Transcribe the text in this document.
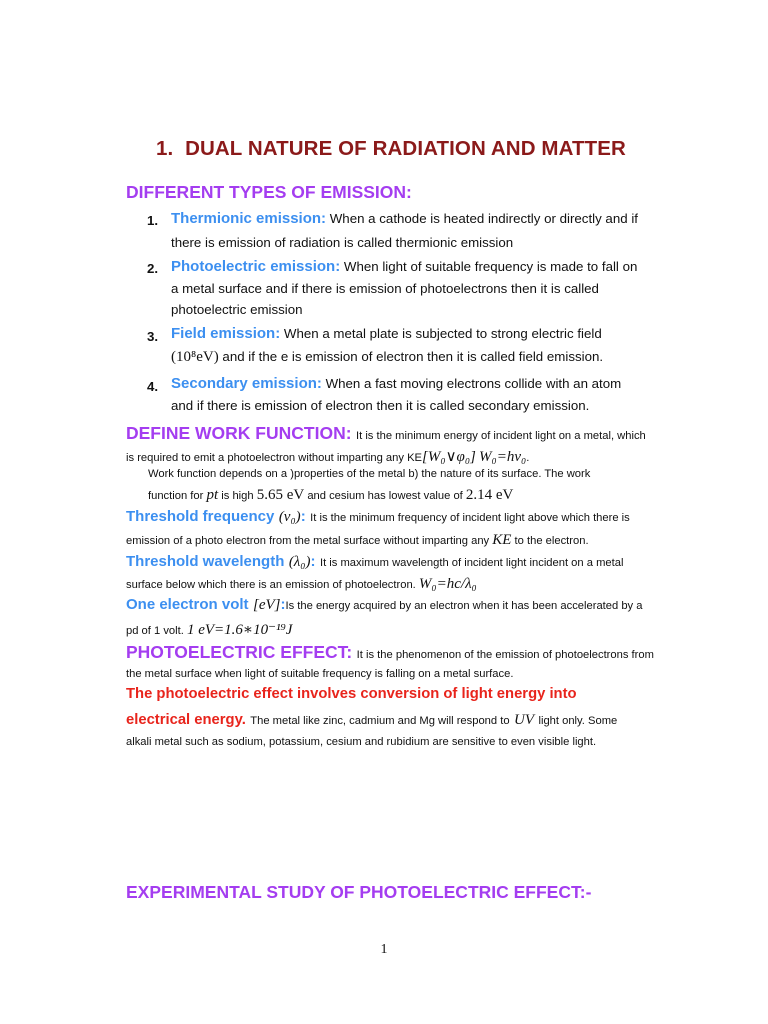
1. DUAL NATURE OF RADIATION AND MATTER
DIFFERENT TYPES OF EMISSION:
1. Thermionic emission: When a cathode is heated indirectly or directly and if
there is emission of radiation is called thermionic emission
2. Photoelectric emission: When light of suitable frequency is made to fall on
a metal surface and if there is emission of photoelectrons then it is called
photoelectric emission
3. Field emission: When a metal plate is subjected to strong electric field
(10⁸eV) and if the e is emission of electron then it is called field emission.
4. Secondary emission: When a fast moving electrons collide with an atom
and if there is emission of electron then it is called secondary emission.
DEFINE WORK FUNCTION: It is the minimum energy of incident light on a metal, which
is required to emit a photoelectron without imparting any KE[W₀∨φ₀] W₀=hν₀.
Work function depends on a )properties of the metal b) the nature of its surface. The work
function for pt is high 5.65 eV and cesium has lowest value of 2.14 eV
Threshold frequency (ν₀): It is the minimum frequency of incident light above which there is
emission of a photo electron from the metal surface without imparting any KE to the electron.
Threshold wavelength (λ₀): It is maximum wavelength of incident light incident on a metal
surface below which there is an emission of photoelectron. W₀=hc/λ₀
One electron volt [eV]:Is the energy acquired by an electron when it has been accelerated by a
pd of 1 volt. 1 eV=1.6∗10⁻¹⁹J
PHOTOELECTRIC EFFECT: It is the phenomenon of the emission of photoelectrons from
the metal surface when light of suitable frequency is falling on a metal surface.
The photoelectric effect involves conversion of light energy into
electrical energy. The metal like zinc, cadmium and Mg will respond to UV light only. Some
alkali metal such as sodium, potassium, cesium and rubidium are sensitive to even visible light.
EXPERIMENTAL STUDY OF PHOTOELECTRIC EFFECT:-
1
